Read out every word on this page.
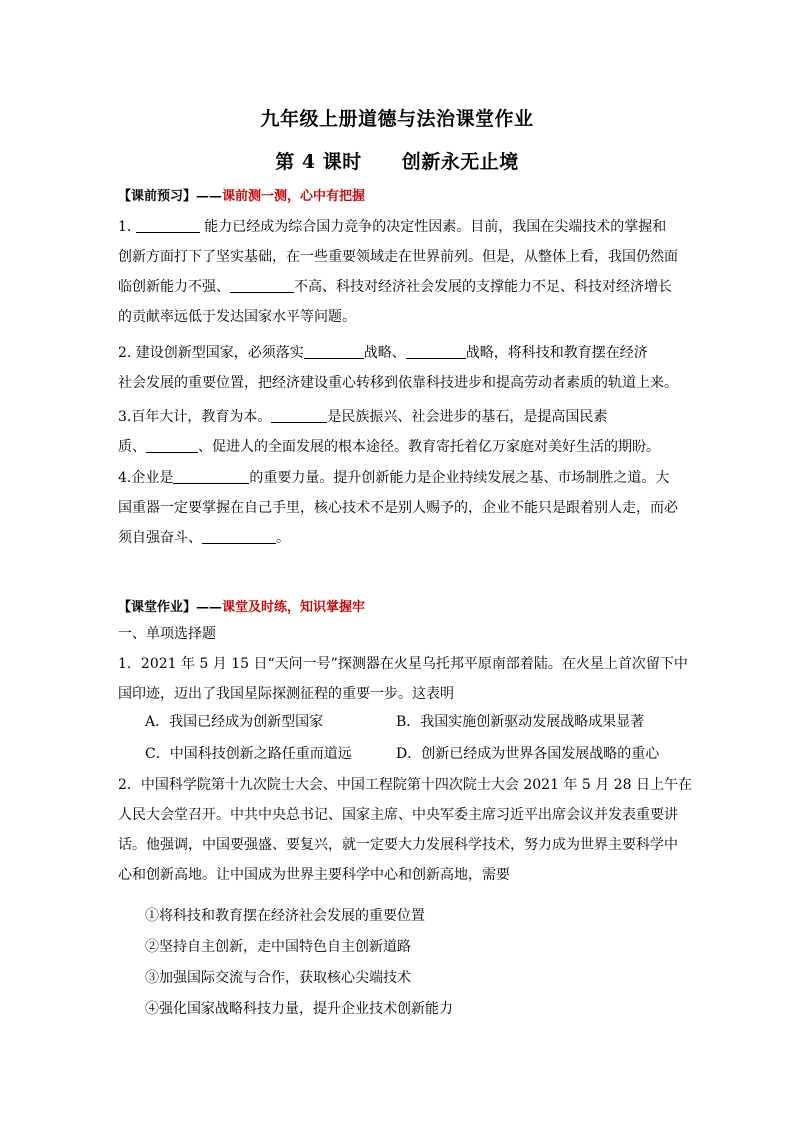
九年级上册道德与法治课堂作业
第 4 课时 创新永无止境
【课前预习】——课前测一测，心中有把握
1.	能力已经成为综合国力竞争的决定性因素。目前，我国在尖端技术的掌握和
创新方面打下了坚实基础，在一些重要领域走在世界前列。但是，从整体上看，我国仍然面
临创新能力不强、	不高、科技对经济社会发展的支撑能力不足、科技对经济增长
的贡献率远低于发达国家水平等问题。
2. 建设创新型国家，必须落实	战略、	战略，将科技和教育摆在经济
社会发展的重要位置，把经济建设重心转移到依靠科技进步和提高劳动者素质的轨道上来。
3.百年大计，教育为本。	是民族振兴、社会进步的基石，是提高国民素
质、	、促进人的全面发展的根本途径。教育寄托着亿万家庭对美好生活的期盼。
4.企业是	的重要力量。提升创新能力是企业持续发展之基、市场制胜之道。大
国重器一定要掌握在自己手里，核心技术不是别人赐予的，企业不能只是跟着别人走，而必
须自强奋斗、	。
【课堂作业】——课堂及时练，知识掌握牢
一、单项选择题
1．2021 年 5 月 15 日“天问一号”探测器在火星乌托邦平原南部着陆。在火星上首次留下中
国印迹，迈出了我国星际探测征程的重要一步。这表明
A．我国已经成为创新型国家	B．我国实施创新驱动发展战略成果显著
C．中国科技创新之路任重而道远	D．创新已经成为世界各国发展战略的重心
2．中国科学院第十九次院士大会、中国工程院第十四次院士大会 2021 年 5 月 28 日上午在
人民大会堂召开。中共中央总书记、国家主席、中央军委主席习近平出席会议并发表重要讲
话。他强调，中国要强盛、要复兴，就一定要大力发展科学技术，努力成为世界主要科学中
心和创新高地。让中国成为世界主要科学中心和创新高地，需要
①将科技和教育摆在经济社会发展的重要位置
②坚持自主创新，走中国特色自主创新道路
③加强国际交流与合作，获取核心尖端技术
④强化国家战略科技力量，提升企业技术创新能力
